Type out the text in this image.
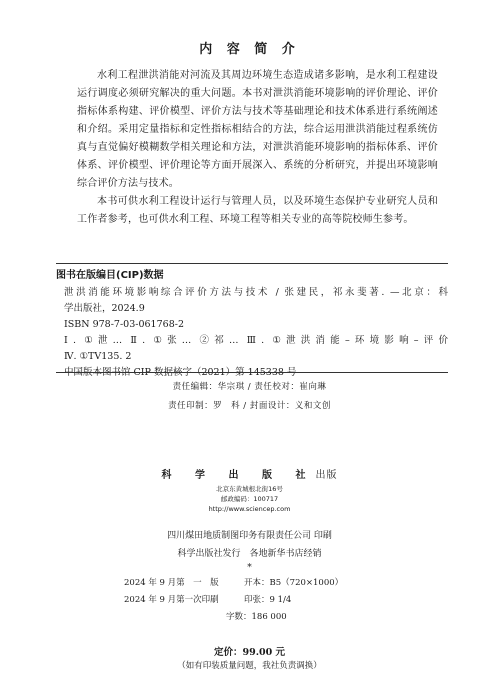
内 容 简 介

水利工程泄洪消能对河流及其周边环境生态造成诸多影响，是水利工程建设运行调度必须研究解决的重大问题。本书对泄洪消能环境影响的评价理论、评价指标体系构建、评价模型、评价方法与技术等基础理论和技术体系进行系统阐述和介绍。采用定量指标和定性指标相结合的方法，综合运用泄洪消能过程系统仿真与直觉偏好模糊数学相关理论和方法，对泄洪消能环境影响的指标体系、评价体系、评价模型、评价理论等方面开展深入、系统的分析研究，并提出环境影响综合评价方法与技术。

本书可供水利工程设计运行与管理人员，以及环境生态保护专业研究人员和工作者参考，也可供水利工程、环境工程等相关专业的高等院校师生参考。

图书在版编目(CIP)数据
泄洪消能环境影响综合评价方法与技术 / 张建民，祁永斐著. —北京：科
学出版社，2024.9
ISBN 978-7-03-061768-2
Ⅰ. ①泄… Ⅱ. ①张… ②祁… Ⅲ. ①泄洪消能–环境影响–评价
Ⅳ. ①TV135. 2
中国版本图书馆 CIP 数据核字（2021）第 145338 号
责任编辑：华宗琪 / 责任校对：崔向琳
责任印制：罗　科 / 封面设计：义和文创
科 学 出 版 社出版
北京东黄城根北街16号
邮政编码：100717
http://www.sciencep.com
四川煤田地质制图印务有限责任公司 印刷
科学出版社发行　各地新华书店经销
*
2024 年 9 月第　一　版	开本：B5（720×1000）
2024 年 9 月第一次印刷	印张：9 1/4
字数：186 000
定价：99.00 元
（如有印装质量问题，我社负责调换）
